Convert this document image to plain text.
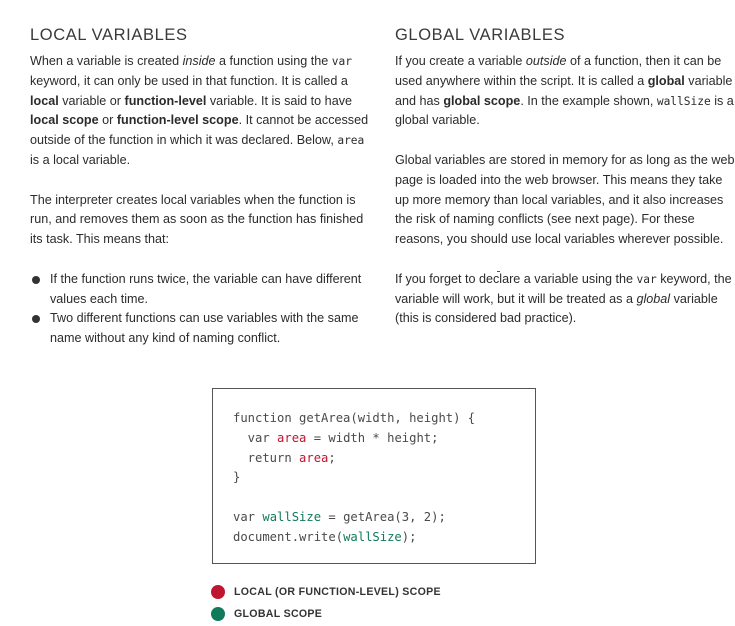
LOCAL VARIABLES

When a variable is created inside a function using the var keyword, it can only be used in that function. It is called a local variable or function-level variable. It is said to have local scope or function-level scope. It cannot be accessed outside of the function in which it was declared. Below, area is a local variable.

The interpreter creates local variables when the function is run, and removes them as soon as the function has finished its task. This means that:

If the function runs twice, the variable can have different values each time.
Two different functions can use variables with the same name without any kind of naming conflict.
GLOBAL VARIABLES

If you create a variable outside of a function, then it can be used anywhere within the script. It is called a global variable and has global scope. In the example shown, wallSize is a global variable.

Global variables are stored in memory for as long as the web page is loaded into the web browser. This means they take up more memory than local variables, and it also increases the risk of naming conflicts (see next page). For these reasons, you should use local variables wherever possible.

If you forget to declare a variable using the var keyword, the variable will work, but it will be treated as a global variable (this is considered bad practice).

function getArea(width, height) {
var area = width * height;
return area;
}

var wallSize = getArea(3, 2);
document.write(wallSize);
LOCAL (OR FUNCTION-LEVEL) SCOPE
GLOBAL SCOPE
